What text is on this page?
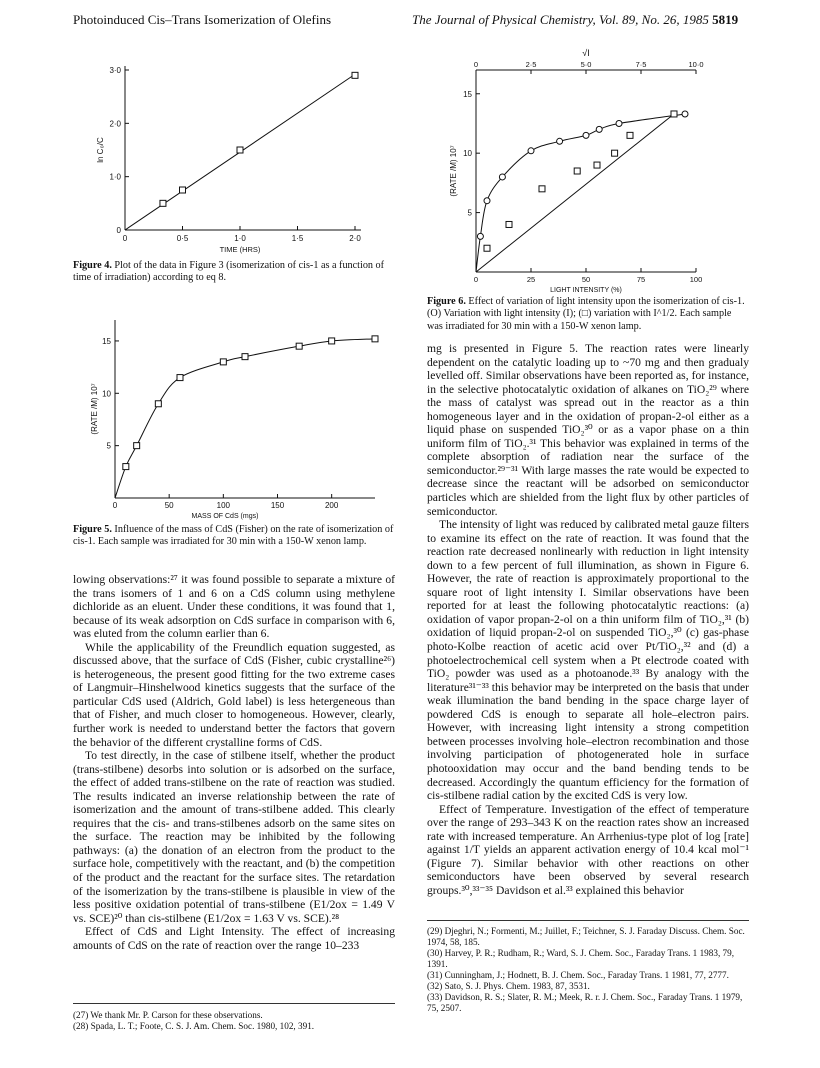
Photoinduced Cis–Trans Isomerization of Olefins	The Journal of Physical Chemistry, Vol. 89, No. 26, 1985 5819
0	0·5	1·0	1·5	2·0
0
1·0
2·0
3·0
TIME (HRS)
ln C₀/C
Figure 4. Plot of the data in Figure 3 (isomerization of cis-1 as a function of time of irradiation) according to eq 8.
0	50	100	150	200
5
10
15
MASS OF CdS (mgs)
(RATE /M) 10⁷
Figure 5. Influence of the mass of CdS (Fisher) on the rate of isomerization of cis-1. Each sample was irradiated for 30 min with a 150-W xenon lamp.
√I
0	2·5	5·0	7·5	10·0
0	25	50	75	100
5
10
15
LIGHT INTENSITY (%)
(RATE /M) 10⁷
Figure 6. Effect of variation of light intensity upon the isomerization of cis-1. (O) Variation with light intensity (I); (□) variation with I^1/2. Each sample was irradiated for 30 min with a 150-W xenon lamp.

lowing observations:²⁷ it was found possible to separate a mixture of the trans isomers of 1 and 6 on a CdS column using methylene dichloride as an eluent. Under these conditions, it was found that 1, because of its weak adsorption on CdS surface in comparison with 6, was eluted from the column earlier than 6.

While the applicability of the Freundlich equation suggested, as discussed above, that the surface of CdS (Fisher, cubic crystalline²⁶) is heterogeneous, the present good fitting for the two extreme cases of Langmuir–Hinshelwood kinetics suggests that the surface of the particular CdS used (Aldrich, Gold label) is less hetergeneous than that of Fisher, and much closer to homogeneous. However, clearly, further work is needed to understand better the factors that govern the behavior of the different crystalline forms of CdS.

To test directly, in the case of stilbene itself, whether the product (trans-stilbene) desorbs into solution or is adsorbed on the surface, the effect of added trans-stilbene on the rate of reaction was studied. The results indicated an inverse relationship between the rate of isomerization and the amount of trans-stilbene added. This clearly requires that the cis- and trans-stilbenes adsorb on the same sites on the surface. The reaction may be inhibited by the following pathways: (a) the donation of an electron from the product to the surface hole, competitively with the reactant, and (b) the competition of the product and the reactant for the surface sites. The retardation of the isomerization by the trans-stilbene is plausible in view of the less positive oxidation potential of trans-stilbene (E1/2ox = 1.49 V vs. SCE)²⁰ than cis-stilbene (E1/2ox = 1.63 V vs. SCE).²⁸

Effect of CdS and Light Intensity. The effect of increasing amounts of CdS on the rate of reaction over the range 10–233

(27) We thank Mr. P. Carson for these observations.

(28) Spada, L. T.; Foote, C. S. J. Am. Chem. Soc. 1980, 102, 391.

mg is presented in Figure 5. The reaction rates were linearly dependent on the catalytic loading up to ~70 mg and then gradualy levelled off. Similar observations have been reported as, for instance, in the selective photocatalytic oxidation of alkanes on TiO₂²⁹ where the mass of catalyst was spread out in the reactor as a thin homogeneous layer and in the oxidation of propan-2-ol either as a liquid phase on suspended TiO₂³⁰ or as a vapor phase on a thin uniform film of TiO₂.³¹ This behavior was explained in terms of the complete absorption of radiation near the surface of the semiconductor.²⁹⁻³¹ With large masses the rate would be expected to decrease since the reactant will be adsorbed on semiconductor particles which are shielded from the light flux by other particles of semiconductor.

The intensity of light was reduced by calibrated metal gauze filters to examine its effect on the rate of reaction. It was found that the reaction rate decreased nonlinearly with reduction in light intensity down to a few percent of full illumination, as shown in Figure 6. However, the rate of reaction is approximately proportional to the square root of light intensity I. Similar observations have been reported for at least the following photocatalytic reactions: (a) oxidation of vapor propan-2-ol on a thin uniform film of TiO₂,³¹ (b) oxidation of liquid propan-2-ol on suspended TiO₂,³⁰ (c) gas-phase photo-Kolbe reaction of acetic acid over Pt/TiO₂,³² and (d) a photoelectrochemical cell system when a Pt electrode coated with TiO₂ powder was used as a photoanode.³³ By analogy with the literature³¹⁻³³ this behavior may be interpreted on the basis that under weak illumination the band bending in the space charge layer of powdered CdS is enough to separate all hole–electron pairs. However, with increasing light intensity a strong competition between processes involving hole–electron recombination and those involving participation of photogenerated hole in surface photooxidation may occur and the band bending tends to be decreased. Accordingly the quantum efficiency for the formation of cis-stilbene radial cation by the excited CdS is very low.

Effect of Temperature. Investigation of the effect of temperature over the range of 293–343 K on the reaction rates show an increased rate with increased temperature. An Arrhenius-type plot of log [rate] against 1/T yields an apparent activation energy of 10.4 kcal mol⁻¹ (Figure 7). Similar behavior with other reactions on other semiconductors have been observed by several research groups.³⁰,³³⁻³⁵ Davidson et al.³³ explained this behavior

(29) Djeghri, N.; Formenti, M.; Juillet, F.; Teichner, S. J. Faraday Discuss. Chem. Soc. 1974, 58, 185.

(30) Harvey, P. R.; Rudham, R.; Ward, S. J. Chem. Soc., Faraday Trans. 1 1983, 79, 1391.

(31) Cunningham, J.; Hodnett, B. J. Chem. Soc., Faraday Trans. 1 1981, 77, 2777.

(32) Sato, S. J. Phys. Chem. 1983, 87, 3531.

(33) Davidson, R. S.; Slater, R. M.; Meek, R. r. J. Chem. Soc., Faraday Trans. 1 1979, 75, 2507.
